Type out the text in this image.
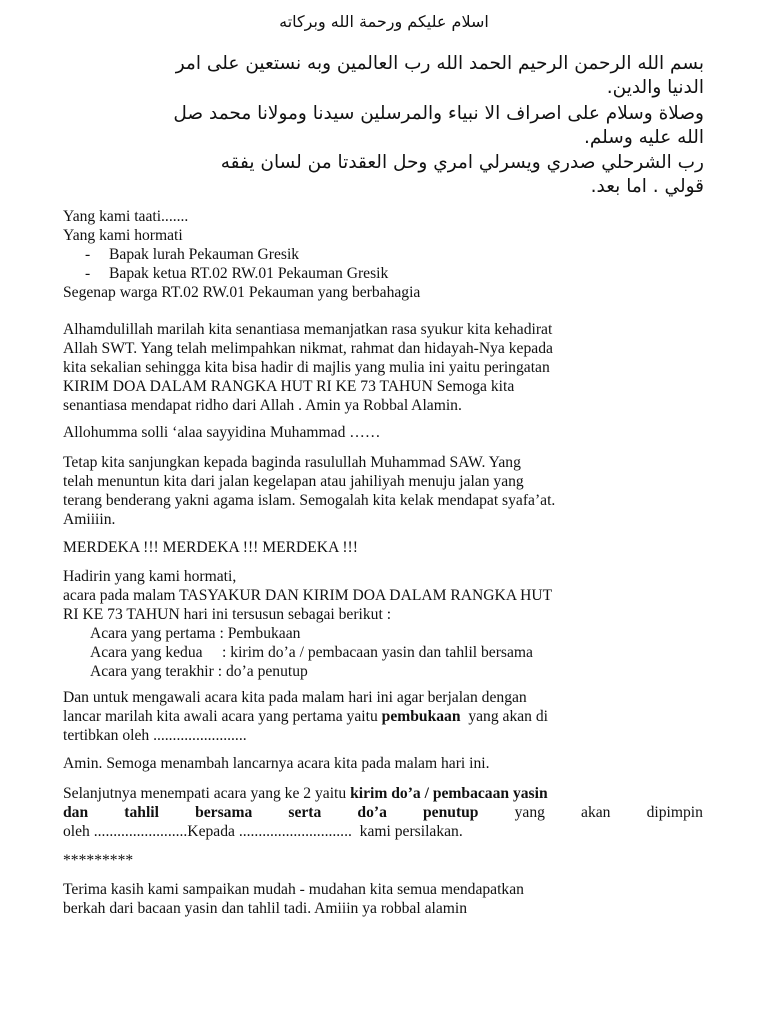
اسلام عليكم ورحمة الله وبركاته
بسم الله الرحمن الرحيم الحمد الله رب العالمين وبه نستعين على امر
الدنيا والدين.
وصلاة وسلام على اصراف الا نبياء والمرسلين سيدنا ومولانا محمد صل
الله عليه وسلم.
رب الشرحلي صدري ويسرلي امري وحل العقدتا من لسان يفقه
قولي . اما بعد.
Yang kami taati.......
Yang kami hormati
- Bapak lurah Pekauman Gresik
- Bapak ketua RT.02 RW.01 Pekauman Gresik
Segenap warga RT.02 RW.01 Pekauman yang berbahagia
Alhamdulillah marilah kita senantiasa memanjatkan rasa syukur kita kehadirat
Allah SWT. Yang telah melimpahkan nikmat, rahmat dan hidayah-Nya kepada
kita sekalian sehingga kita bisa hadir di majlis yang mulia ini yaitu peringatan
KIRIM DOA DALAM RANGKA HUT RI KE 73 TAHUN Semoga kita
senantiasa mendapat ridho dari Allah . Amin ya Robbal Alamin.
Allohumma solli ‘alaa sayyidina Muhammad ……
Tetap kita sanjungkan kepada baginda rasulullah Muhammad SAW. Yang
telah menuntun kita dari jalan kegelapan atau jahiliyah menuju jalan yang
terang benderang yakni agama islam. Semogalah kita kelak mendapat syafa’at.
Amiiiin.
MERDEKA !!! MERDEKA !!! MERDEKA !!!
Hadirin yang kami hormati,
acara pada malam TASYAKUR DAN KIRIM DOA DALAM RANGKA HUT
RI KE 73 TAHUN hari ini tersusun sebagai berikut :
Acara yang pertama : Pembukaan
Acara yang kedua     : kirim do’a / pembacaan yasin dan tahlil bersama
Acara yang terakhir : do’a penutup
Dan untuk mengawali acara kita pada malam hari ini agar berjalan dengan
lancar marilah kita awali acara yang pertama yaitu pembukaan  yang akan di
tertibkan oleh ........................
Amin. Semoga menambah lancarnya acara kita pada malam hari ini.
Selanjutnya menempati acara yang ke 2 yaitu kirim do’a / pembacaan yasin
dan tahlil bersama serta do’a penutup yang akan dipimpin
oleh ........................Kepada .............................  kami persilakan.
*********
Terima kasih kami sampaikan mudah - mudahan kita semua mendapatkan
berkah dari bacaan yasin dan tahlil tadi. Amiiin ya robbal alamin
